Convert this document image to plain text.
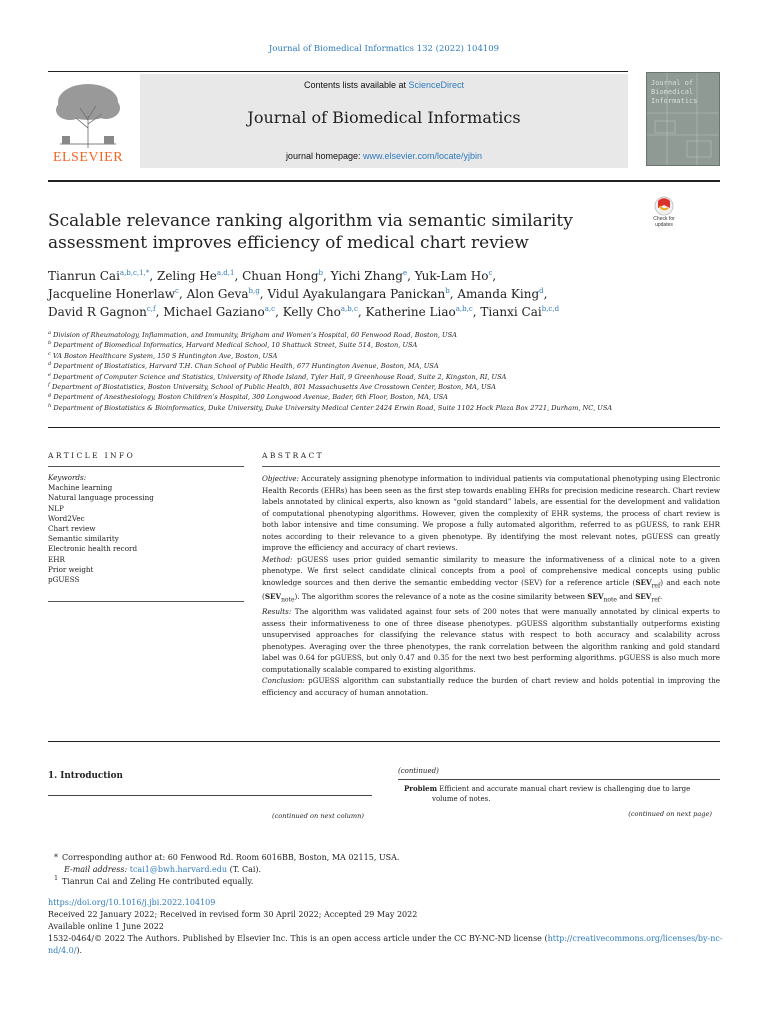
Journal of Biomedical Informatics 132 (2022) 104109
ELSEVIER
Contents lists available at ScienceDirect
Journal of Biomedical Informatics
journal homepage: www.elsevier.com/locate/yjbin
Journal of Biomedical Informatics
Check for updates
Scalable relevance ranking algorithm via semantic similarity assessment improves efficiency of medical chart review
Tianrun Cai$^{a,b,c,1,*}$, Zeling He$^{a,d,1}$, Chuan Hong$^b$, Yichi Zhang$^e$, Yuk-Lam Ho$^c$,
Jacqueline Honerlaw$^c$, Alon Geva$^{b,g}$, Vidul Ayakulangara Panickan$^b$, Amanda King$^d$,
David R Gagnon$^{c,f}$, Michael Gaziano$^{a,c}$, Kelly Cho$^{a,b,c}$, Katherine Liao$^{a,b,c}$, Tianxi Cai$^{b,c,d}$
$^a$ Division of Rheumatology, Inflammation, and Immunity, Brigham and Women’s Hospital, 60 Fenwood Road, Boston, USA
$^b$ Department of Biomedical Informatics, Harvard Medical School, 10 Shattuck Street, Suite 514, Boston, USA
$^c$ VA Boston Healthcare System, 150 S Huntington Ave, Boston, USA
$^d$ Department of Biostatistics, Harvard T.H. Chan School of Public Health, 677 Huntington Avenue, Boston, MA, USA
$^e$ Department of Computer Science and Statistics, University of Rhode Island, Tyler Hall, 9 Greenhouse Road, Suite 2, Kingston, RI, USA
$^f$ Department of Biostatistics, Boston University, School of Public Health, 801 Massachusetts Ave Crosstown Center, Boston, MA, USA
$^g$ Department of Anesthesiology, Boston Children’s Hospital, 300 Longwood Avenue, Bader, 6th Floor, Boston, MA, USA
$^h$ Department of Biostatistics & Bioinformatics, Duke University, Duke University Medical Center 2424 Erwin Road, Suite 1102 Hock Plaza Box 2721, Durham, NC, USA
ARTICLE INFO
Keywords:
Machine learning
Natural language processing
NLP
Word2Vec
Chart review
Semantic similarity
Electronic health record
EHR
Prior weight
pGUESS
ABSTRACT

Objective: Accurately assigning phenotype information to individual patients via computational phenotyping using Electronic Health Records (EHRs) has been seen as the first step towards enabling EHRs for precision medicine research. Chart review labels annotated by clinical experts, also known as “gold standard” labels, are essential for the development and validation of computational phenotyping algorithms. However, given the complexity of EHR systems, the process of chart review is both labor intensive and time consuming. We propose a fully automated algorithm, referred to as pGUESS, to rank EHR notes according to their relevance to a given phenotype. By identifying the most relevant notes, pGUESS can greatly improve the efficiency and accuracy of chart reviews.

Method: pGUESS uses prior guided semantic similarity to measure the informativeness of a clinical note to a given phenotype. We first select candidate clinical concepts from a pool of comprehensive medical concepts using public knowledge sources and then derive the semantic embedding vector (SEV) for a reference article $(SEV_{ref})$ and each note $(SEV_{note})$. The algorithm scores the relevance of a note as the cosine similarity between $SEV_{note}$ and $SEV_{ref}$.

Results: The algorithm was validated against four sets of 200 notes that were manually annotated by clinical experts to assess their informativeness to one of three disease phenotypes. pGUESS algorithm substantially outperforms existing unsupervised approaches for classifying the relevance status with respect to both accuracy and scalability across phenotypes. Averaging over the three phenotypes, the rank correlation between the algorithm ranking and gold standard label was 0.64 for pGUESS, but only 0.47 and 0.35 for the next two best performing algorithms. pGUESS is also much more computationally scalable compared to existing algorithms.

Conclusion: pGUESS algorithm can substantially reduce the burden of chart review and holds potential in improving the efficiency and accuracy of human annotation.

1. Introduction
(continued on next column)
(continued)
Problem Efficient and accurate manual chart review is challenging due to large
volume of notes.
(continued on next page)
* Corresponding author at: 60 Fenwood Rd. Room 6016BB, Boston, MA 02115, USA.
E-mail address: tcai1@bwh.harvard.edu (T. Cai).
1 Tianrun Cai and Zeling He contributed equally.
https://doi.org/10.1016/j.jbi.2022.104109
Received 22 January 2022; Received in revised form 30 April 2022; Accepted 29 May 2022
Available online 1 June 2022
1532-0464/© 2022 The Authors. Published by Elsevier Inc. This is an open access article under the CC BY-NC-ND license (http://creativecommons.org/licenses/by-nc-nd/4.0/).
